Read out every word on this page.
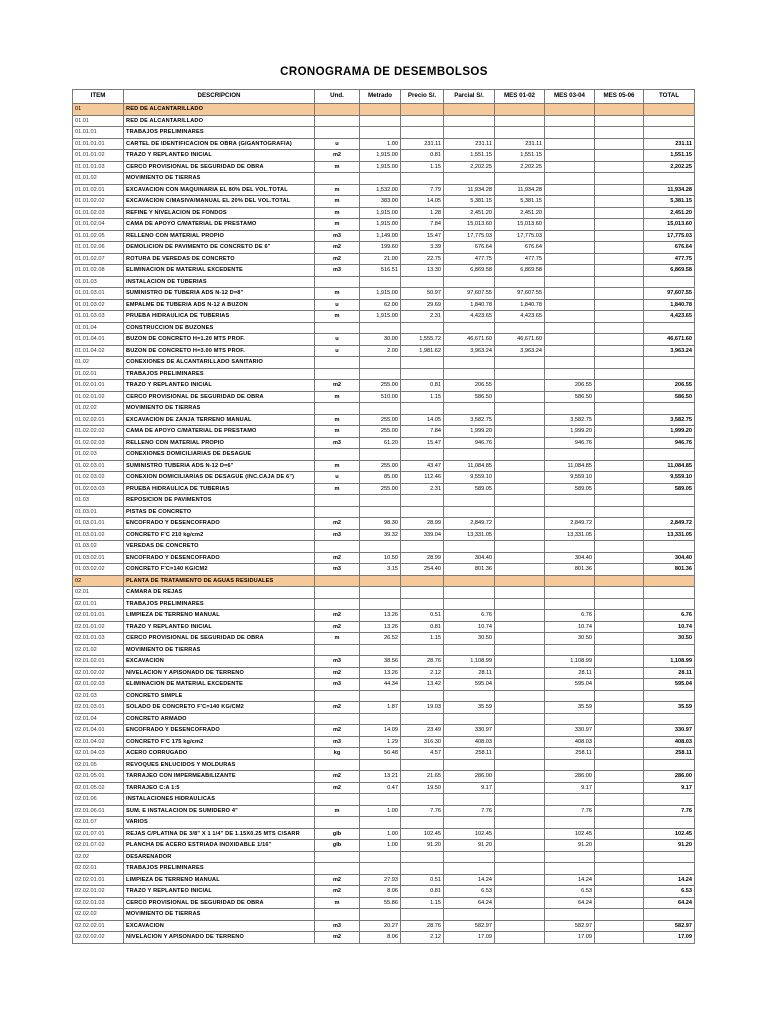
CRONOGRAMA DE DESEMBOLSOS
ITEM	DESCRIPCION	Und.	Metrado	Precio S/.	Parcial S/.	MES 01-02	MES 03-04	MES 05-06	TOTAL
01	RED DE ALCANTARILLADO								
01.01	RED DE ALCANTARILLADO								
01.01.01	TRABAJOS PRELIMINARES								
01.01.01.01	CARTEL DE IDENTIFICACION DE OBRA (GIGANTOGRAFIA)	u	1.00	231.11	231.11	231.11			231.11
01.01.01.02	TRAZO Y REPLANTEO INICIAL	m2	1,915.00	0.81	1,551.15	1,551.15			1,551.15
01.01.01.03	CERCO PROVISIONAL DE SEGURIDAD DE OBRA	m	1,915.00	1.15	2,202.25	2,202.25			2,202.25
01.01.02	MOVIMIENTO DE TIERRAS								
01.01.02.01	EXCAVACION CON MAQUINARIA EL 80% DEL VOL.TOTAL	m	1,532.00	7.79	11,934.28	11,934.28			11,934.28
01.01.02.02	EXCAVACION C/MASIVA/MANUAL EL 20% DEL VOL.TOTAL	m	383.00	14.05	5,381.15	5,381.15			5,381.15
01.01.02.03	REFINE Y NIVELACION DE FONDOS	m	1,915.00	1.28	2,451.20	2,451.20			2,451.20
01.01.02.04	CAMA DE APOYO C/MATERIAL DE PRESTAMO	m	1,915.00	7.84	15,013.60	15,013.60			15,013.60
01.01.02.05	RELLENO CON MATERIAL PROPIO	m3	1,149.00	15.47	17,775.03	17,775.03			17,775.03
01.01.02.06	DEMOLICION DE PAVIMENTO DE CONCRETO DE 6"	m2	199.60	3.39	676.64	676.64			676.64
01.01.02.07	ROTURA DE VEREDAS DE CONCRETO	m2	21.00	22.75	477.75	477.75			477.75
01.01.02.08	ELIMINACION DE MATERIAL EXCEDENTE	m3	516.51	13.30	6,869.58	6,869.58			6,869.58
01.01.03	INSTALACION DE TUBERIAS								
01.01.03.01	SUMINISTRO DE TUBERIA ADS N-12 D=8"	m	1,915.00	50.97	97,607.55	97,607.55			97,607.55
01.01.03.02	EMPALME DE TUBERIA ADS N-12 A BUZON	u	62.00	29.69	1,840.78	1,840.78			1,840.78
01.01.03.03	PRUEBA HIDRAULICA DE TUBERIAS	m	1,915.00	2.31	4,423.65	4,423.65			4,423.65
01.01.04	CONSTRUCCION DE BUZONES								
01.01.04.01	BUZON DE CONCRETO H=1.20 MTS PROF.	u	30.00	1,555.72	46,671.60	46,671.60			46,671.60
01.01.04.02	BUZON DE CONCRETO H=3.00 MTS PROF.	u	2.00	1,981.62	3,963.24	3,963.24			3,963.24
01.02	CONEXIONES DE ALCANTARILLADO SANITARIO								
01.02.01	TRABAJOS PRELIMINARES								
01.02.01.01	TRAZO Y REPLANTEO INICIAL	m2	255.00	0.81	206.55		206.55		206.55
01.02.01.02	CERCO PROVISIONAL DE SEGURIDAD DE OBRA	m	510.00	1.15	586.50		586.50		586.50
01.02.02	MOVIMIENTO DE TIERRAS								
01.02.02.01	EXCAVACION DE ZANJA TERRENO MANUAL	m	255.00	14.05	3,582.75		3,582.75		3,582.75
01.02.02.02	CAMA DE APOYO C/MATERIAL DE PRESTAMO	m	255.00	7.84	1,999.20		1,999.20		1,999.20
01.02.02.03	RELLENO CON MATERIAL PROPIO	m3	61.20	15.47	946.76		946.76		946.76
01.02.03	CONEXIONES DOMICILIARIAS DE DESAGUE								
01.02.03.01	SUMINISTRO TUBERIA ADS N-12 D=6"	m	255.00	43.47	11,084.85		11,084.85		11,084.85
01.02.03.02	CONEXION DOMICILIARIAS DE DESAGUE (INC.CAJA DE 6")	u	85.00	112.46	9,559.10		9,559.10		9,559.10
01.02.03.03	PRUEBA HIDRAULICA DE TUBERIAS	m	255.00	2.31	589.05		589.05		589.05
01.03	REPOSICION DE PAVIMENTOS								
01.03.01	PISTAS DE CONCRETO								
01.03.01.01	ENCOFRADO Y DESENCOFRADO	m2	98.30	28.99	2,849.72		2,849.72		2,849.72
01.03.01.02	CONCRETO F'C 210 kg/cm2	m3	39.32	339.04	13,331.05		13,331.05		13,331.05
01.03.02	VEREDAS DE CONCRETO								
01.03.02.01	ENCOFRADO Y DESENCOFRADO	m2	10.50	28.99	304.40		304.40		304.40
01.03.02.02	CONCRETO F'C=140 KG/CM2	m3	3.15	254.40	801.36		801.36		801.36
02	PLANTA DE TRATAMIENTO DE AGUAS RESIDUALES								
02.01	CAMARA DE REJAS								
02.01.01	TRABAJOS PRELIMINARES								
02.01.01.01	LIMPIEZA DE TERRENO MANUAL	m2	13.26	0.51	6.76		6.76		6.76
02.01.01.02	TRAZO Y REPLANTEO INICIAL	m2	13.26	0.81	10.74		10.74		10.74
02.01.01.03	CERCO PROVISIONAL DE SEGURIDAD DE OBRA	m	26.52	1.15	30.50		30.50		30.50
02.01.02	MOVIMIENTO DE TIERRAS								
02.01.02.01	EXCAVACION	m3	38.56	28.76	1,108.99		1,108.99		1,108.99
02.01.02.02	NIVELACION Y APISONADO DE TERRENO	m2	13.26	2.12	28.11		28.11		28.11
02.01.02.03	ELIMINACION DE MATERIAL EXCEDENTE	m3	44.34	13.42	595.04		595.04		595.04
02.01.03	CONCRETO SIMPLE								
02.01.03.01	SOLADO DE CONCRETO F'C=140 KG/CM2	m2	1.87	19.03	35.59		35.59		35.59
02.01.04	CONCRETO ARMADO								
02.01.04.01	ENCOFRADO Y DESENCOFRADO	m2	14.09	23.49	330.97		330.97		330.97
02.01.04.02	CONCRETO F'C 175 kg/cm2	m3	1.29	316.30	408.03		408.03		408.03
02.01.04.03	ACERO CORRUGADO	kg	56.48	4.57	258.11		258.11		258.11
02.01.05	REVOQUES ENLUCIDOS Y MOLDURAS								
02.01.05.01	TARRAJEO CON IMPERMEABILIZANTE	m2	13.21	21.65	286.00		286.00		286.00
02.01.05.02	TARRAJEO C:A 1:5	m2	0.47	19.50	9.17		9.17		9.17
02.01.06	INSTALACIONES HIDRAULICAS								
02.01.06.01	SUM. E INSTALACION DE SUMIDERO 4"	m	1.00	7.76	7.76		7.76		7.76
02.01.07	VARIOS								
02.01.07.01	REJAS C/PLATINA DE 3/8" X 1 1/4" DE 1.15X0.25 MTS C/SARR	glb	1.00	102.45	102.45		102.45		102.45
02.01.07.02	PLANCHA DE ACERO ESTRIADA INOXIDABLE 1/16"	glb	1.00	91.20	91.20		91.20		91.20
02.02	DESARENADOR								
02.02.01	TRABAJOS PRELIMINARES								
02.02.01.01	LIMPIEZA DE TERRENO MANUAL	m2	27.93	0.51	14.24		14.24		14.24
02.02.01.02	TRAZO Y REPLANTEO INICIAL	m2	8.06	0.81	6.53		6.53		6.53
02.02.01.03	CERCO PROVISIONAL DE SEGURIDAD DE OBRA	m	55.86	1.15	64.24		64.24		64.24
02.02.02	MOVIMIENTO DE TIERRAS								
02.02.02.01	EXCAVACION	m3	20.27	28.76	582.97		582.97		582.97
02.02.02.02	NIVELACION Y APISONADO DE TERRENO	m2	8.06	2.12	17.09		17.09		17.09
